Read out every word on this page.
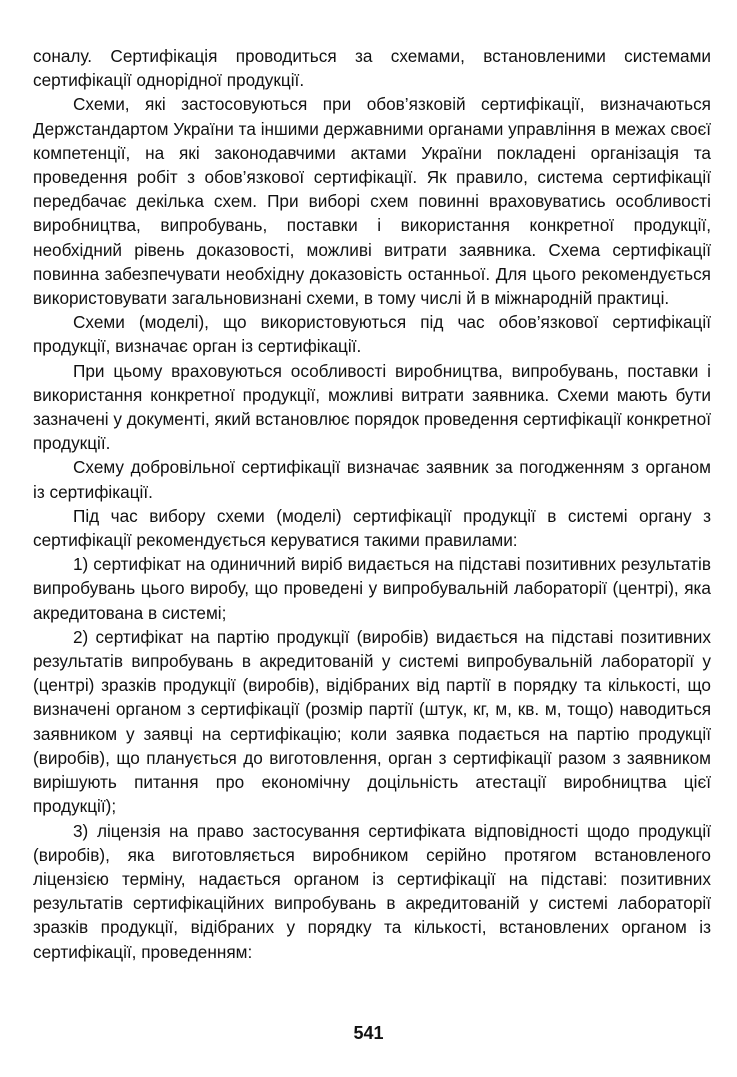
соналу. Сертифікація проводиться за схемами, встановленими системами сертифікації однорідної продукції.

Схеми, які застосовуються при обов’язковій сертифікації, визначаються Держстандартом України та іншими державними органами управління в межах своєї компетенції, на які законодавчими актами України покладені організація та проведення робіт з обов’язкової сертифікації. Як правило, система сертифікації передбачає декілька схем. При виборі схем повинні враховуватись особливості виробництва, випробувань, поставки і використання конкретної продукції, необхідний рівень доказовості, можливі витрати заявника. Схема сертифікації повинна забезпечувати необхідну доказовість останньої. Для цього рекомендується використовувати загальновизнані схеми, в тому числі й в міжнародній практиці.

Схеми (моделі), що використовуються під час обов’язкової сертифікації продукції, визначає орган із сертифікації.

При цьому враховуються особливості виробництва, випробувань, поставки і використання конкретної продукції, можливі витрати заявника. Схеми мають бути зазначені у документі, який встановлює порядок проведення сертифікації конкретної продукції.

Схему добровільної сертифікації визначає заявник за погодженням з органом із сертифікації.

Під час вибору схеми (моделі) сертифікації продукції в системі органу з сертифікації рекомендується керуватися такими правилами:

1) сертифікат на одиничний виріб видається на підставі позитивних результатів випробувань цього виробу, що проведені у випробувальній лабораторії (центрі), яка акредитована в системі;

2) сертифікат на партію продукції (виробів) видається на підставі позитивних результатів випробувань в акредитованій у системі випробувальній лабораторії у (центрі) зразків продукції (виробів), відібраних від партії в порядку та кількості, що визначені органом з сертифікації (розмір партії (штук, кг, м, кв. м, тощо) наводиться заявником у заявці на сертифікацію; коли заявка подається на партію продукції (виробів), що планується до виготовлення, орган з сертифікації разом з заявником вирішують питання про економічну доцільність атестації виробництва цієї продукції);

3) ліцензія на право застосування сертифіката відповідності щодо продукції (виробів), яка виготовляється виробником серійно протягом встановленого ліцензією терміну, надається органом із сертифікації на підставі: позитивних результатів сертифікаційних випробувань в акредитованій у системі лабораторії зразків продукції, відібраних у порядку та кількості, встановлених органом із сертифікації, проведенням:

541
